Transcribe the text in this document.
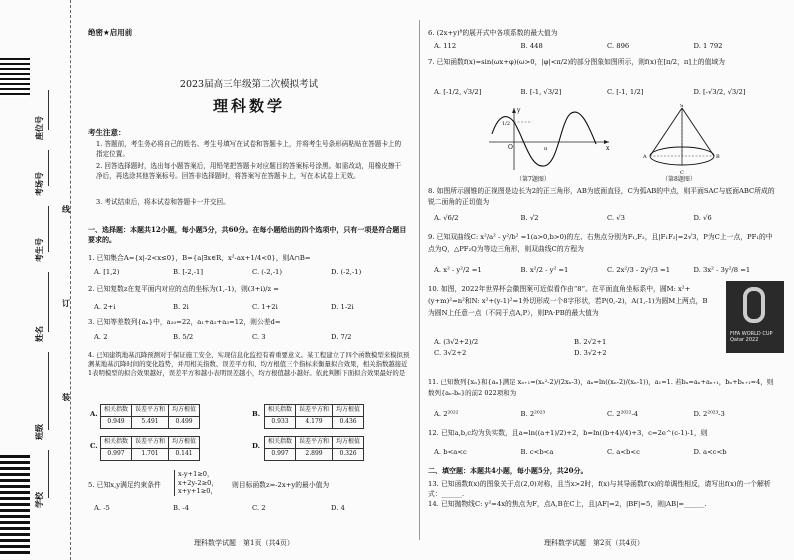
学校
班级
姓名
考生号
考场号
座位号
线
订
装
绝密★启用前
2023届高三年级第二次模拟考试
理科数学
考生注意：
1. 答题前，考生务必将自己的姓名、考生号填写在试卷和答题卡上，并将考生号条形码粘贴在答题卡上的指定位置。
2. 回答选择题时，选出每小题答案后，用铅笔把答题卡对应题目的答案标号涂黑。如需改动，用橡皮擦干净后，再选涂其他答案标号。回答非选择题时，将答案写在答题卡上，写在本试卷上无效。
3. 考试结束后，将本试卷和答题卡一并交回。
一、选择题：本题共12小题，每小题5分，共60分。在每小题给出的四个选项中，只有一项是符合题目要求的。
1. 已知集合A={x|-2<x≤0}，B={a|∃x∈R，x²-ax+1/4<0}，则A∩B=
A. [1,2)	B. [-2,-1]	C. (-2,-1)	D. (-2,-1)
2. 已知复数z在复平面内对应的点的坐标为(1,-1)，则(3+i)/z =
A. 2+i	B. 2i	C. 1+2i	D. 1-2i
3. 已知等差数列{aₙ}中，a₂₀=22，a₁+a₂+a₃=12，则公差d=
A. 2	B. 5/2	C. 3	D. 7/2
4. 已知建筑地基沉降预测对于保证施工安全、实现信息化监控有着重要意义。某工程建立了四个函数模型来模拟预测某地基沉降时间的变化趋势，并用相关指数、误差平方和、均方根值三个指标来衡量拟合效果，相关指数越接近1表明模型的拟合效果越好，误差平方和越小表明误差越小，均方根值越小越好。依此判断下面拟合效果最好的是
A.
相关指数	误差平方和	均方根值
0.949	5.491	0.499
B.
相关指数	误差平方和	均方根值
0.933	4.179	0.436
C.
相关指数	误差平方和	均方根值
0.997	1.701	0.141
D.
相关指数	误差平方和	均方根值
0.997	2.899	0.326
5. 已知x,y满足约束条件
x-y+1≥0，
x+2y-2≥0，
x+y+1≥0，
则目标函数z=-2x+y的最小值为
A. -5	B. -4	C. 2	D. 4
理科数学试题　第1页（共4页）
6. (2x+y)⁸的展开式中各项系数的最大值为
A. 112	B. 448	C. 896	D. 1 792
7. 已知函数f(x)=sin(ωx+φ)(ω>0，|φ|<π/2)的部分图象如图所示，则f(x)在[π/2，π]上的值域为
A. [-1/2, √3/2]	B. [-1, √3/2]	C. [-1, 1/2]	D. [-√3/2, √3/2]
x
y
O
1/2
π
（第7题图）
S
A	B
C
（第8题图）
8. 如图所示圆锥的正视图是边长为2的正三角形，AB为底面直径，C为弧AB的中点，则平面SAC与底面ABC所成的锐二面角的正切值为
A. √6/2	B. √2	C. √3	D. √6
9. 已知双曲线C: x²/a² - y²/b² =1(a>0,b>0)的左、右焦点分别为F₁,F₂，且|F₁F₂|=2√3，P为C上一点，PF₁的中点为Q，△PF₂Q为等边三角形，则双曲线C的方程为
A. x² - y²/2 =1	B. x²/2 - y² =1	C. 2x²/3 - 2y²/3 =1	D. 3x² - 3y²/8 =1
10. 如图，2022年世界杯会徽图案可近似看作由“8”。在平面直角坐标系中，圆M: x²+(y+m)²=n²和N: x²+(y-1)²=1外切形成一个8字形状，若P(0,-2)，A(1,-1)为圆M上两点，B为圆N上任意一点（不同于点A,P），则PA·PB的最大值为
A. (3√2+2)/2	B. 2√2+1
C. 3√2+2	D. 3√2+2
FIFA WORLD CUP
Qatar 2022
11. 已知数列{xₙ}和{aₙ}满足 xₙ₊₁=(xₙ²-2)/(2xₙ-3)，aₙ=ln((xₙ-2)/(xₙ-1))，a₁=1. 若bₙ=aₙ+aₙ₊₁，bₙ+bₙ₊₁=4，则数列{aₙ-bₙ}的前2 022项和为
A. 2²⁰²²	B. 2²⁰²³	C. 2²⁰²²-4	D. 2²⁰²³-3
12. 已知a,b,c均为负实数，且a=ln((a+1)/2)+2，b=ln((b+4)/4)+3，c=2e^(c-1)-1，则
A. b<a<c	B. c<b<a	C. a<b<c	D. a<c<b
二、填空题：本题共4小题，每小题5分，共20分。
13. 已知函数f(x)的图象关于点(2,0)对称，且当x>2时，f(x)与其导函数f′(x)的单调性相反，请写出f(x)的一个解析式：______.
14. 已知抛物线C: y²=4x的焦点为F，点A,B在C上，且|AF|=2，|BF|=5，则|AB|=______.
理科数学试题　第2页（共4页）
